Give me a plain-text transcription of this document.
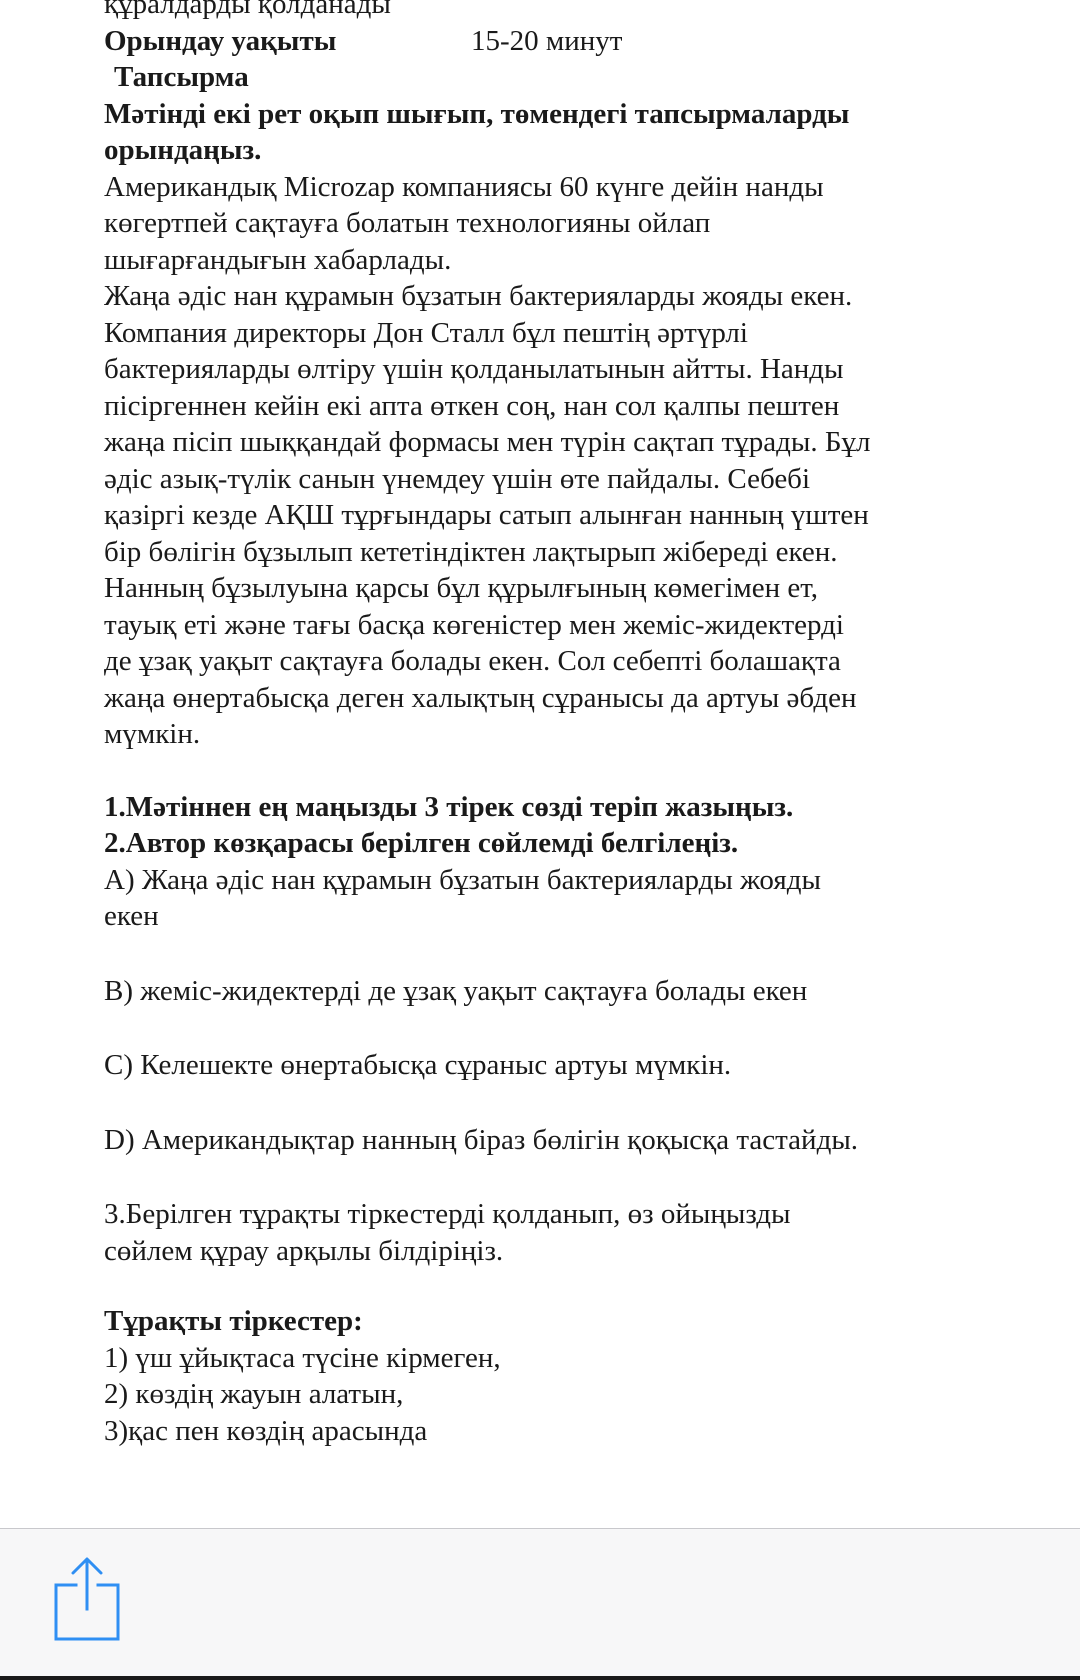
құралдарды қолданады

Орындау уақыты	15-20 минут

Тапсырма

Мәтінді екі рет оқып шығып, төмендегі тапсырмаларды

орындаңыз.

Американдық Microzap компаниясы 60 күнге дейін нанды

көгертпей сақтауға болатын технологияны ойлап

шығарғандығын хабарлады.

Жаңа әдіс нан құрамын бұзатын бактерияларды жояды екен.

Компания директоры Дон Сталл бұл пештің әртүрлі

бактерияларды өлтіру үшін қолданылатынын айтты. Нанды

пісіргеннен кейін екі апта өткен соң, нан сол қалпы пештен

жаңа пісіп шыққандай формасы мен түрін сақтап тұрады. Бұл

әдіс азық-түлік санын үнемдеу үшін өте пайдалы. Себебі

қазіргі кезде АҚШ тұрғындары сатып алынған нанның үштен

бір бөлігін бұзылып кететіндіктен лақтырып жібереді екен.

Нанның бұзылуына қарсы бұл құрылғының көмегімен ет,

тауық еті және тағы басқа көгеністер мен жеміс-жидектерді

де ұзақ уақыт сақтауға болады екен. Сол себепті болашақта

жаңа өнертабысқа деген халықтың сұранысы да артуы әбден

мүмкін.

1.Мәтіннен ең маңызды 3 тірек сөзді теріп жазыңыз.

2.Автор көзқарасы берілген сөйлемді белгілеңіз.

А) Жаңа әдіс нан құрамын бұзатын бактерияларды жояды

екен

В) жеміс-жидектерді де ұзақ уақыт сақтауға болады екен

С) Келешекте өнертабысқа сұраныс артуы мүмкін.

D) Американдықтар нанның біраз бөлігін қоқысқа тастайды.

3.Берілген тұрақты тіркестерді қолданып, өз ойыңызды

сөйлем құрау арқылы білдіріңіз.

Тұрақты тіркестер:

1) үш ұйықтаса түсіне кірмеген,

2) көздің жауын алатын,

3)қас пен көздің арасында
